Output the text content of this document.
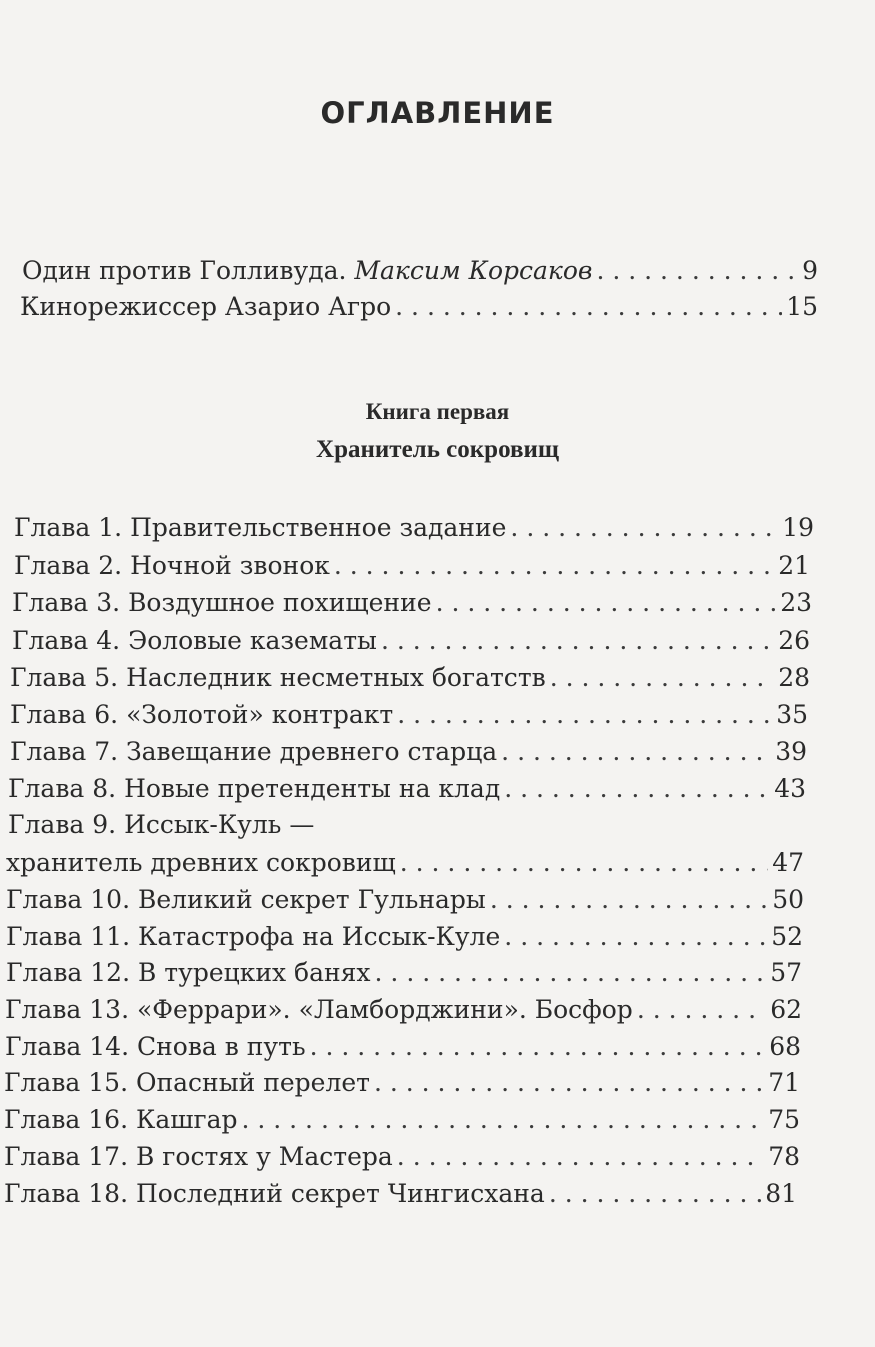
ОГЛАВЛЕНИЕ
Один против Голливуда. Максим Корсаков . . .	9
Кинорежиссер Азарио Агро . . .	15
Книга первая
Хранитель сокровищ
Глава 1. Правительственное задание . . .	19
Глава 2. Ночной звонок . . .	21
Глава 3. Воздушное похищение . . .	23
Глава 4. Эоловые казематы . . .	26
Глава 5. Наследник несметных богатств . . .	28
Глава 6. «Золотой» контракт . . .	35
Глава 7. Завещание древнего старца . . .	39
Глава 8. Новые претенденты на клад . . .	43
Глава 9. Иссык-Куль —
хранитель древних сокровищ . . .	47
Глава 10. Великий секрет Гульнары . . .	50
Глава 11. Катастрофа на Иссык-Куле . . .	52
Глава 12. В турецких банях . . .	57
Глава 13. «Феррари». «Ламборджини». Босфор . . .	62
Глава 14. Снова в путь . . .	68
Глава 15. Опасный перелет . . .	71
Глава 16. Кашгар . . .	75
Глава 17. В гостях у Мастера . . .	78
Глава 18. Последний секрет Чингисхана . . .	81
